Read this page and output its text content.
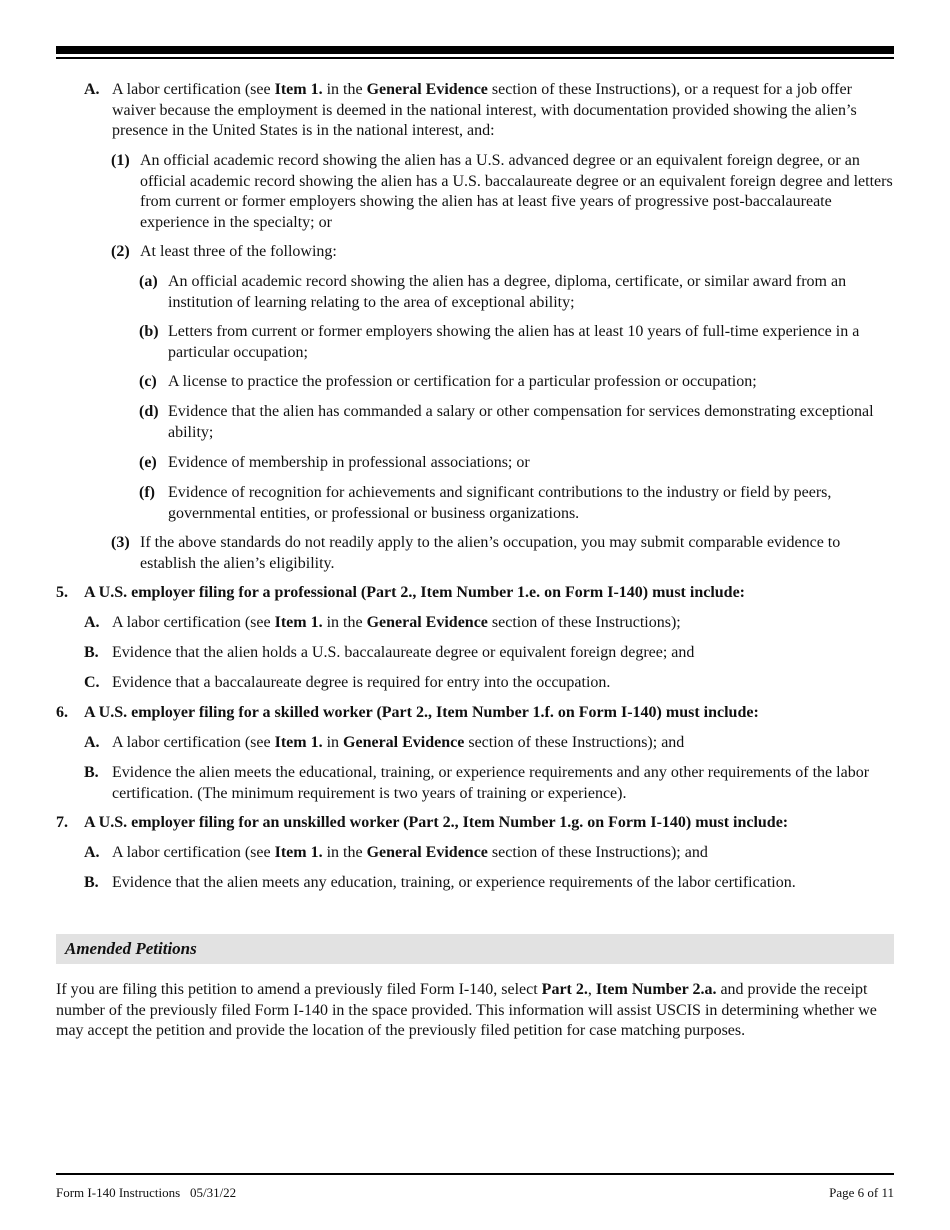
A. A labor certification (see Item 1. in the General Evidence section of these Instructions), or a request for a job offer waiver because the employment is deemed in the national interest, with documentation provided showing the alien’s presence in the United States is in the national interest, and:
(1) An official academic record showing the alien has a U.S. advanced degree or an equivalent foreign degree, or an official academic record showing the alien has a U.S. baccalaureate degree or an equivalent foreign degree and letters from current or former employers showing the alien has at least five years of progressive post-baccalaureate experience in the specialty; or
(2) At least three of the following:
(a) An official academic record showing the alien has a degree, diploma, certificate, or similar award from an institution of learning relating to the area of exceptional ability;
(b) Letters from current or former employers showing the alien has at least 10 years of full-time experience in a particular occupation;
(c) A license to practice the profession or certification for a particular profession or occupation;
(d) Evidence that the alien has commanded a salary or other compensation for services demonstrating exceptional ability;
(e) Evidence of membership in professional associations; or
(f) Evidence of recognition for achievements and significant contributions to the industry or field by peers, governmental entities, or professional or business organizations.
(3) If the above standards do not readily apply to the alien’s occupation, you may submit comparable evidence to establish the alien’s eligibility.
5.	A U.S. employer filing for a professional (Part 2., Item Number 1.e. on Form I-140) must include:
A. A labor certification (see Item 1. in the General Evidence section of these Instructions);
B. Evidence that the alien holds a U.S. baccalaureate degree or equivalent foreign degree; and
C. Evidence that a baccalaureate degree is required for entry into the occupation.
6.	A U.S. employer filing for a skilled worker (Part 2., Item Number 1.f. on Form I-140) must include:
A. A labor certification (see Item 1. in General Evidence section of these Instructions); and
B. Evidence the alien meets the educational, training, or experience requirements and any other requirements of the labor certification. (The minimum requirement is two years of training or experience).
7.	A U.S. employer filing for an unskilled worker (Part 2., Item Number 1.g. on Form I-140) must include:
A. A labor certification (see Item 1. in the General Evidence section of these Instructions); and
B. Evidence that the alien meets any education, training, or experience requirements of the labor certification.
Amended Petitions
If you are filing this petition to amend a previously filed Form I-140, select Part 2., Item Number 2.a. and provide the receipt number of the previously filed Form I-140 in the space provided. This information will assist USCIS in determining whether we may accept the petition and provide the location of the previously filed petition for case matching purposes.
Form I-140 Instructions   05/31/22	Page 6 of 11
